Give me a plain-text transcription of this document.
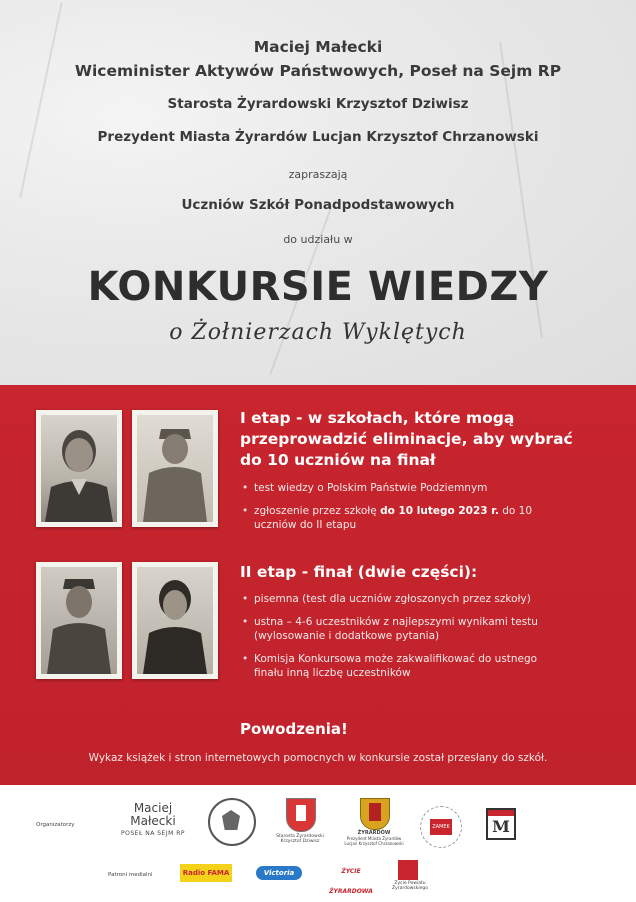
Maciej Małecki
Wiceminister Aktywów Państwowych, Poseł na Sejm RP
Starosta Żyrardowski Krzysztof Dziwisz
Prezydent Miasta Żyrardów Lucjan Krzysztof Chrzanowski
zapraszają
Uczniów Szkół Ponadpodstawowych
do udziału w
KONKURSIE WIEDZY
o Żołnierzach Wyklętych
I etap - w szkołach, które mogą
przeprowadzić eliminacje, aby wybrać
do 10 uczniów na finał
• test wiedzy o Polskim Państwie Podziemnym
• zgłoszenie przez szkołę do 10 lutego 2023 r. do 10
uczniów do II etapu
II etap - finał (dwie części):
• pisemna (test dla uczniów zgłoszonych przez szkoły)
• ustna – 4-6 uczestników z najlepszymi wynikami testu
(wylosowanie i dodatkowe pytania)
• Komisja Konkursowa może zakwalifikować do ustnego
finału inną liczbę uczestników
Powodzenia!
Wykaz książek i stron internetowych pomocnych w konkursie został przesłany do szkół.
Organizatorzy
Patroni medialni
Maciej
Małecki
POSEŁ NA SEJM RP	Starosta Żyrardowski Krzysztof Dziwisz
ŻYRARDÓW
Prezydent Miasta Żyrardów Lucjan Krzysztof Chrzanowski
ZAMEK	M
Radio FAMA	Victoria	ŻYCIE ŻYRARDOWA
Życie Powiatu Żyrardowskiego
